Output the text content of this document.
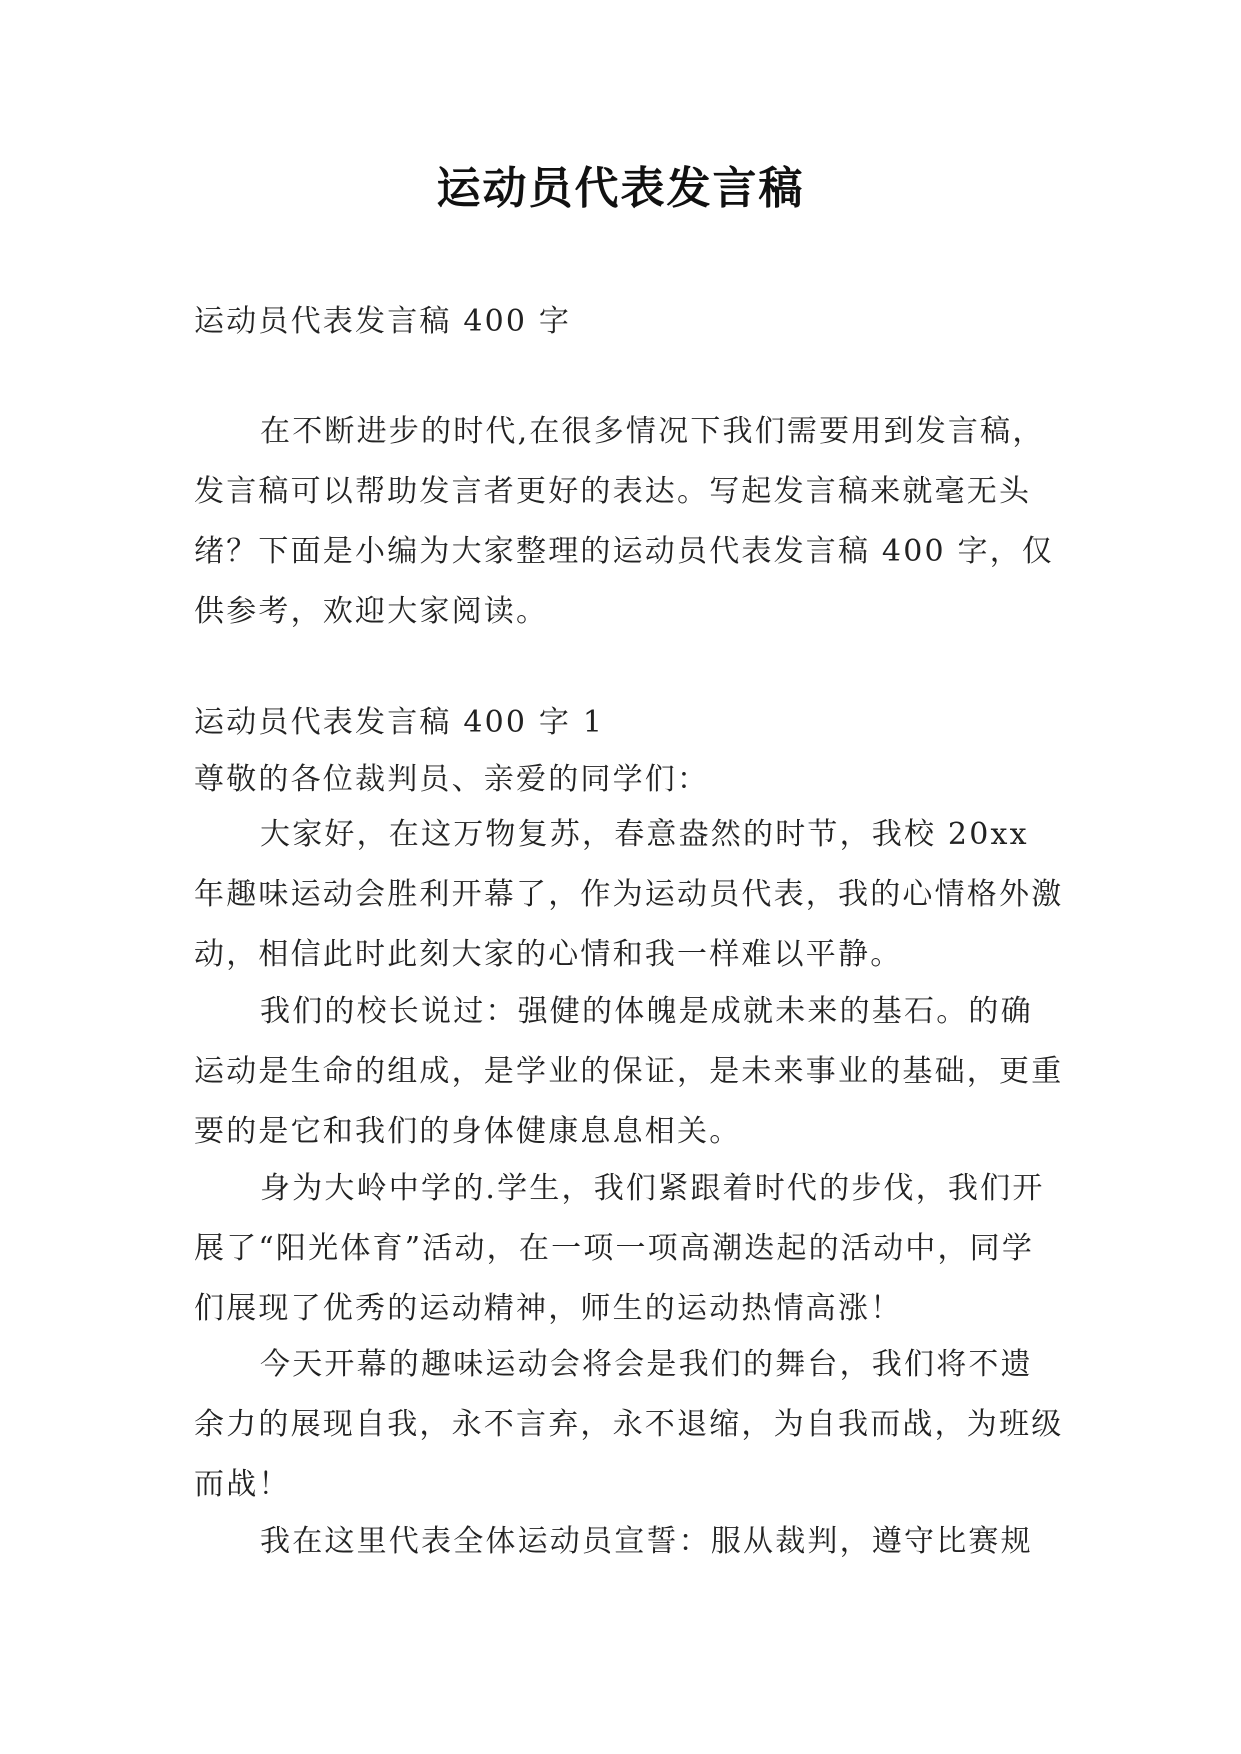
运动员代表发言稿

运动员代表发言稿 400 字

在不断进步的时代,在很多情况下我们需要用到发言稿，发言稿可以帮助发言者更好的表达。写起发言稿来就毫无头绪？下面是小编为大家整理的运动员代表发言稿 400 字，仅供参考，欢迎大家阅读。

运动员代表发言稿 400 字 1

尊敬的各位裁判员、亲爱的同学们：

大家好，在这万物复苏，春意盎然的时节，我校 20xx 年趣味运动会胜利开幕了，作为运动员代表，我的心情格外激动，相信此时此刻大家的心情和我一样难以平静。

我们的校长说过：强健的体魄是成就未来的基石。的确运动是生命的组成，是学业的保证，是未来事业的基础，更重要的是它和我们的身体健康息息相关。

身为大岭中学的.学生，我们紧跟着时代的步伐，我们开展了“阳光体育”活动，在一项一项高潮迭起的活动中，同学们展现了优秀的运动精神，师生的运动热情高涨！

今天开幕的趣味运动会将会是我们的舞台，我们将不遗余力的展现自我，永不言弃，永不退缩，为自我而战，为班级而战！

我在这里代表全体运动员宣誓：服从裁判，遵守比赛规
